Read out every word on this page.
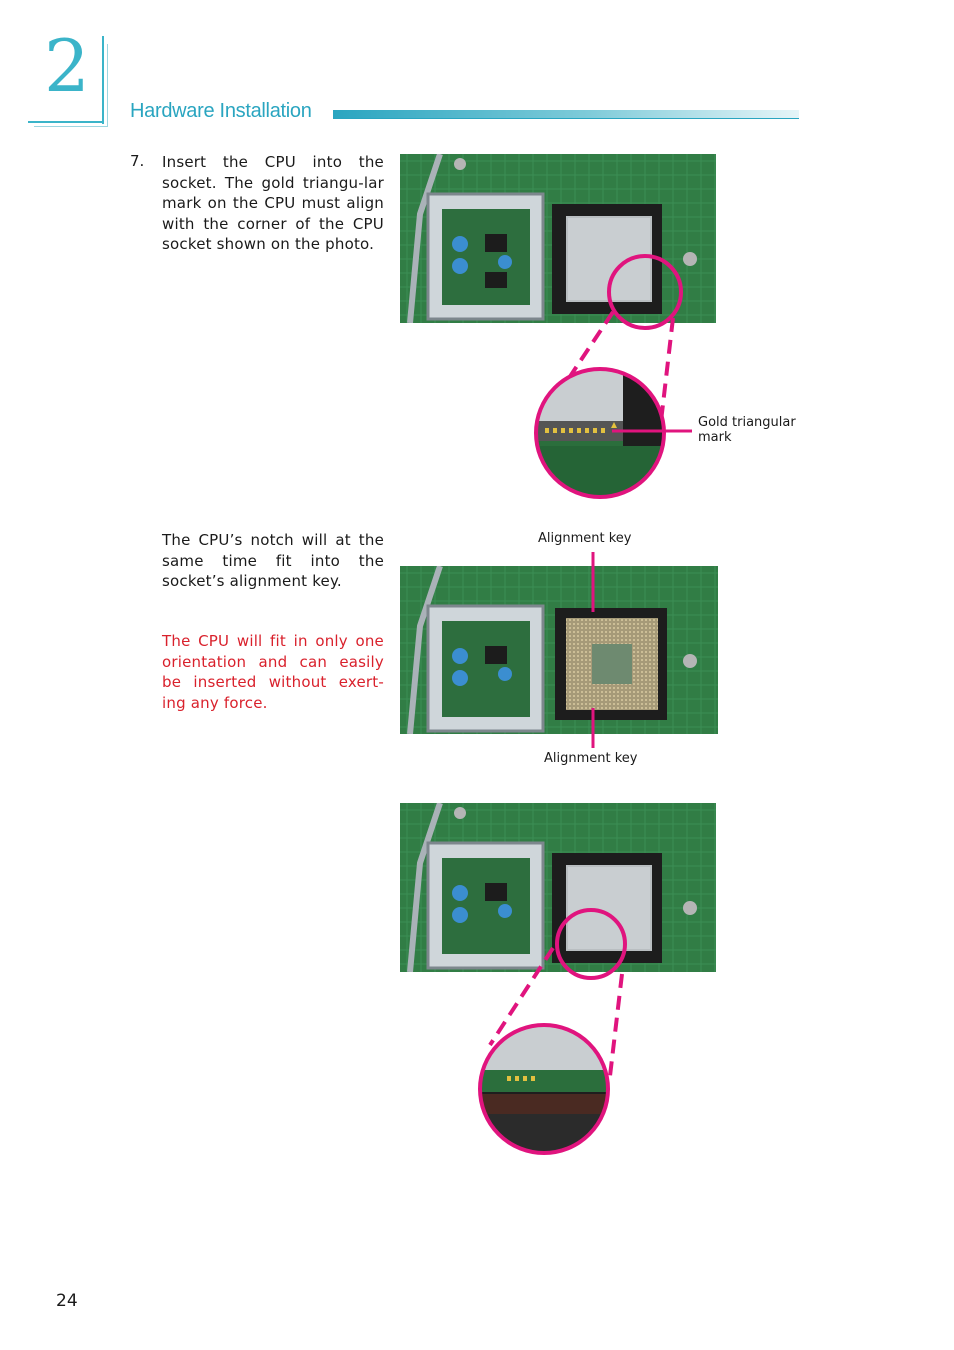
2
Hardware Installation
7. Insert the CPU into the socket. The gold triangu-lar mark on the CPU must align with the corner of the CPU socket shown on the photo.
The CPU’s notch will at the same time fit into the socket’s alignment key.
The CPU will fit in only one orientation and can easily be inserted without exert-ing any force.
Gold triangular mark
Alignment key
Alignment key
24
